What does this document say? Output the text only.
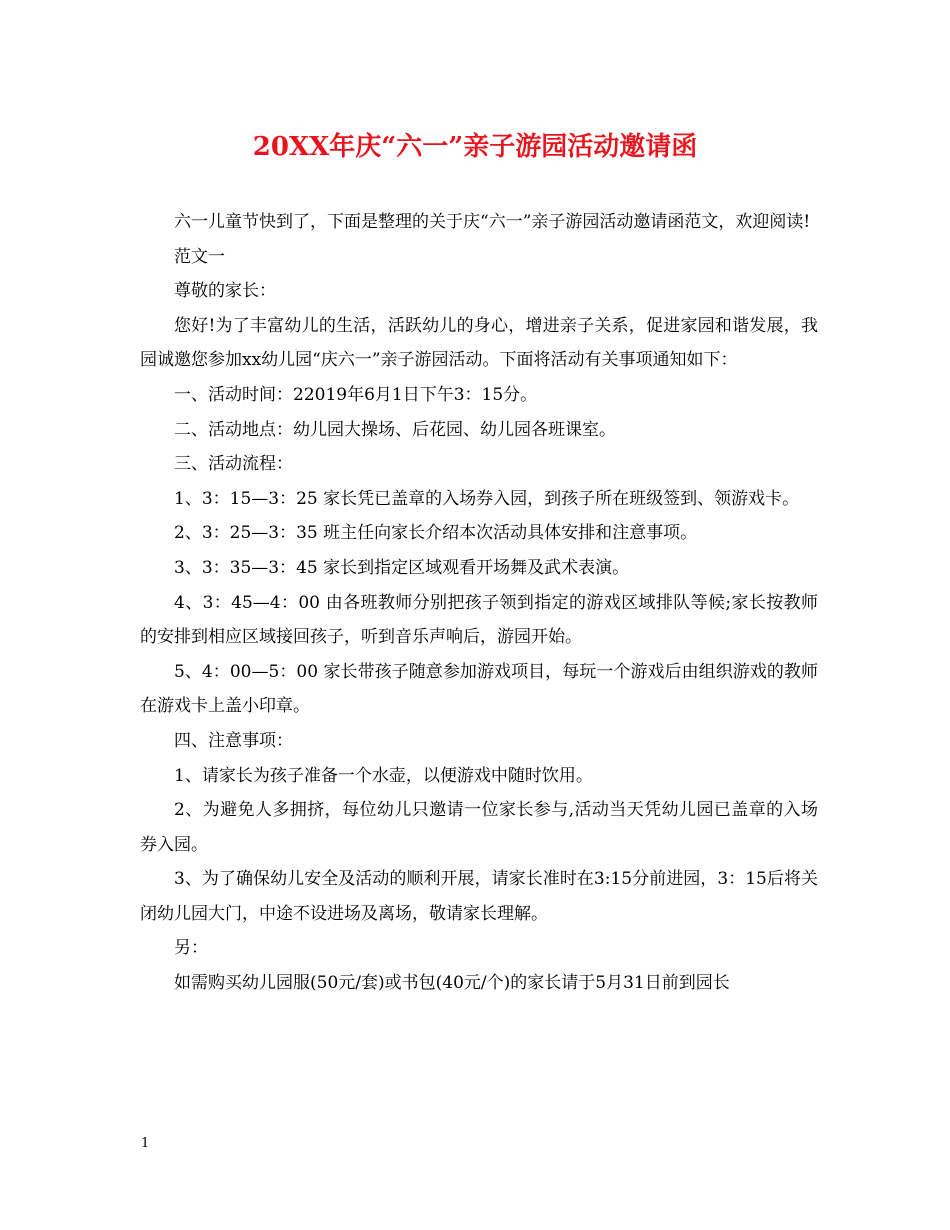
20XX年庆“六一”亲子游园活动邀请函

六一儿童节快到了，下面是整理的关于庆“六一”亲子游园活动邀请函范文，欢迎阅读!

范文一

尊敬的家长：

您好!为了丰富幼儿的生活，活跃幼儿的身心，增进亲子关系，促进家园和谐发展，我园诚邀您参加xx幼儿园“庆六一”亲子游园活动。下面将活动有关事项通知如下：

一、活动时间：22019年6月1日下午3：15分。

二、活动地点：幼儿园大操场、后花园、幼儿园各班课室。

三、活动流程：

1、3：15—3：25 家长凭已盖章的入场券入园，到孩子所在班级签到、领游戏卡。

2、3：25—3：35 班主任向家长介绍本次活动具体安排和注意事项。

3、3：35—3：45 家长到指定区域观看开场舞及武术表演。

4、3：45—4：00 由各班教师分别把孩子领到指定的游戏区域排队等候;家长按教师的安排到相应区域接回孩子，听到音乐声响后，游园开始。

5、4：00—5：00 家长带孩子随意参加游戏项目，每玩一个游戏后由组织游戏的教师在游戏卡上盖小印章。

四、注意事项：

1、请家长为孩子准备一个水壶，以便游戏中随时饮用。

2、为避免人多拥挤，每位幼儿只邀请一位家长参与,活动当天凭幼儿园已盖章的入场券入园。

3、为了确保幼儿安全及活动的顺利开展，请家长准时在3:15分前进园，3：15后将关闭幼儿园大门，中途不设进场及离场，敬请家长理解。

另：

如需购买幼儿园服(50元/套)或书包(40元/个)的家长请于5月31日前到园长

1
